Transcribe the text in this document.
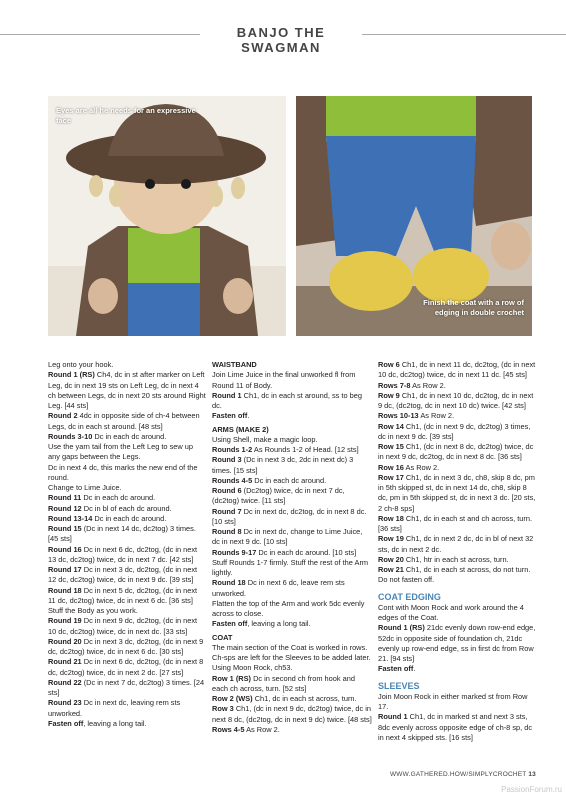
BANJO THE SWAGMAN
Eyes are all he needs for an expressive face
Finish the coat with a row of edging in double crochet

Leg onto your hook.

Round 1 (RS) Ch4, dc in st after marker on Left Leg, dc in next 19 sts on Left Leg, dc in next 4 ch between Legs, dc in next 20 sts around Right Leg. [44 sts]

Round 2 4dc in opposite side of ch-4 between Legs, dc in each st around. [48 sts]

Rounds 3-10 Dc in each dc around.

Use the yarn tail from the Left Leg to sew up any gaps between the Legs.

Dc in next 4 dc, this marks the new end of the round.

Change to Lime Juice.

Round 11 Dc in each dc around.

Round 12 Dc in bl of each dc around.

Round 13-14 Dc in each dc around.

Round 15 (Dc in next 14 dc, dc2tog) 3 times. [45 sts]

Round 16 Dc in next 6 dc, dc2tog, (dc in next 13 dc, dc2tog) twice, dc in next 7 dc. [42 sts]

Round 17 Dc in next 3 dc, dc2tog, (dc in next 12 dc, dc2tog) twice, dc in next 9 dc. [39 sts]

Round 18 Dc in next 5 dc, dc2tog, (dc in next 11 dc, dc2tog) twice, dc in next 6 dc. [36 sts]

Stuff the Body as you work.

Round 19 Dc in next 9 dc, dc2tog, (dc in next 10 dc, dc2tog) twice, dc in next dc. [33 sts]

Round 20 Dc in next 3 dc, dc2tog, (dc in next 9 dc, dc2tog) twice, dc in next 6 dc. [30 sts]

Round 21 Dc in next 6 dc, dc2tog, (dc in next 8 dc, dc2tog) twice, dc in next 2 dc. [27 sts]

Round 22 (Dc in next 7 dc, dc2tog) 3 times. [24 sts]

Round 23 Dc in next dc, leaving rem sts unworked.

Fasten off, leaving a long tail.

WAISTBAND

Join Lime Juice in the final unworked fl from Round 11 of Body.

Round 1 Ch1, dc in each st around, ss to beg dc.

Fasten off.

ARMS (MAKE 2)

Using Shell, make a magic loop.

Rounds 1-2 As Rounds 1-2 of Head. [12 sts]

Round 3 (Dc in next 3 dc, 2dc in next dc) 3 times. [15 sts]

Rounds 4-5 Dc in each dc around.

Round 6 (Dc2tog) twice, dc in next 7 dc, (dc2tog) twice. [11 sts]

Round 7 Dc in next dc, dc2tog, dc in next 8 dc. [10 sts]

Round 8 Dc in next dc, change to Lime Juice, dc in next 9 dc. [10 sts]

Rounds 9-17 Dc in each dc around. [10 sts]

Stuff Rounds 1-7 firmly. Stuff the rest of the Arm lightly.

Round 18 Dc in next 6 dc, leave rem sts unworked.

Flatten the top of the Arm and work 5dc evenly across to close.

Fasten off, leaving a long tail.

COAT

The main section of the Coat is worked in rows. Ch-sps are left for the Sleeves to be added later. Using Moon Rock, ch53.

Row 1 (RS) Dc in second ch from hook and each ch across, turn. [52 sts]

Row 2 (WS) Ch1, dc in each st across, turn.

Row 3 Ch1, (dc in next 9 dc, dc2tog) twice, dc in next 8 dc, (dc2tog, dc in next 9 dc) twice. [48 sts]

Rows 4-5 As Row 2.

Row 6 Ch1, dc in next 11 dc, dc2tog, (dc in next 10 dc, dc2tog) twice, dc in next 11 dc. [45 sts]

Rows 7-8 As Row 2.

Row 9 Ch1, dc in next 10 dc, dc2tog, dc in next 9 dc, (dc2tog, dc in next 10 dc) twice. [42 sts]

Rows 10-13 As Row 2.

Row 14 Ch1, (dc in next 9 dc, dc2tog) 3 times, dc in next 9 dc. [39 sts]

Row 15 Ch1, (dc in next 8 dc, dc2tog) twice, dc in next 9 dc, dc2tog, dc in next 8 dc. [36 sts]

Row 16 As Row 2.

Row 17 Ch1, dc in next 3 dc, ch8, skip 8 dc, pm in 5th skipped st, dc in next 14 dc, ch8, skip 8 dc, pm in 5th skipped st, dc in next 3 dc. [20 sts, 2 ch-8 sps]

Row 18 Ch1, dc in each st and ch across, turn. [36 sts]

Row 19 Ch1, dc in next 2 dc, dc in bl of next 32 sts, dc in next 2 dc.

Row 20 Ch1, htr in each st across, turn.

Row 21 Ch1, dc in each st across, do not turn. Do not fasten off.

COAT EDGING

Cont with Moon Rock and work around the 4 edges of the Coat.

Round 1 (RS) 21dc evenly down row-end edge, 52dc in opposite side of foundation ch, 21dc evenly up row-end edge, ss in first dc from Row 21. [94 sts]

Fasten off.

SLEEVES

Join Moon Rock in either marked st from Row 17.

Round 1 Ch1, dc in marked st and next 3 sts, 8dc evenly across opposite edge of ch-8 sp, dc in next 4 skipped sts. [16 sts]

WWW.GATHERED.HOW/SIMPLYCROCHET 13
PassionForum.ru
